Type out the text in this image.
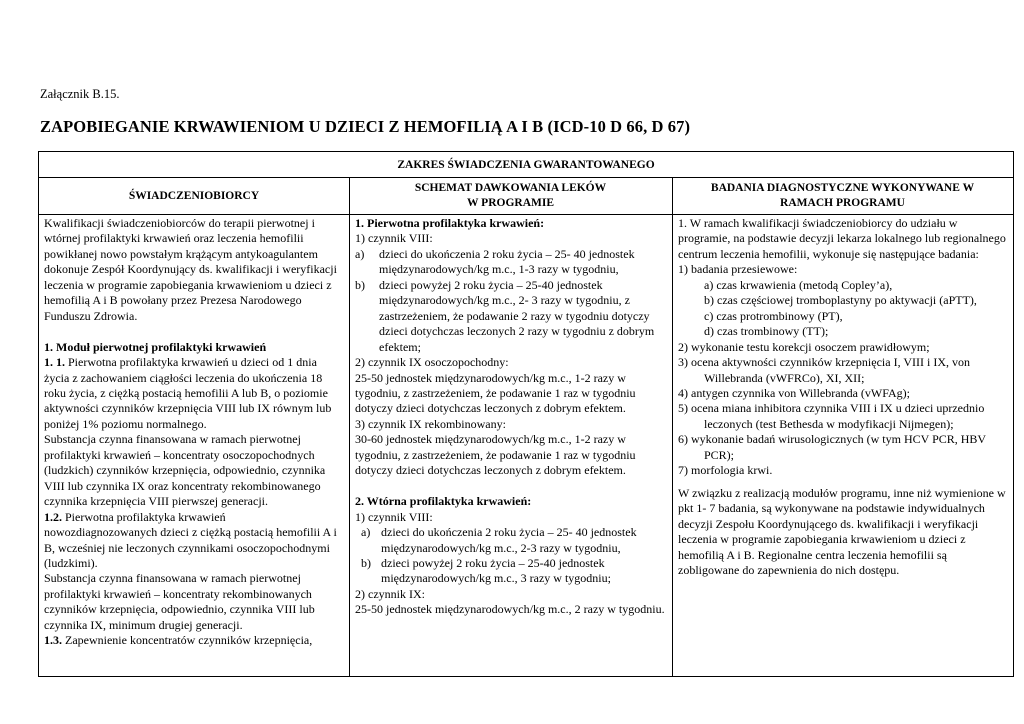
Załącznik B.15.
ZAPOBIEGANIE KRWAWIENIOM U DZIECI Z HEMOFILIĄ A I B (ICD-10 D 66, D 67)
ZAKRES ŚWIADCZENIA GWARANTOWANEGO
ŚWIADCZENIOBIORCY
SCHEMAT DAWKOWANIA LEKÓW
W PROGRAMIE
BADANIA DIAGNOSTYCZNE WYKONYWANE W
RAMACH PROGRAMU

Kwalifikacji świadczeniobiorców do terapii pierwotnej i wtórnej profilaktyki krwawień oraz leczenia hemofilii powikłanej nowo powstałym krążącym antykoagulantem dokonuje Zespół Koordynujący ds. kwalifikacji i weryfikacji leczenia w programie zapobiegania krwawieniom u dzieci z hemofilią A i B powołany przez Prezesa Narodowego Funduszu Zdrowia.

1. Moduł pierwotnej profilaktyki krwawień

1. 1. Pierwotna profilaktyka krwawień u dzieci od 1 dnia życia z zachowaniem ciągłości leczenia do ukończenia 18 roku życia, z ciężką postacią hemofilii A lub B, o poziomie aktywności czynników krzepnięcia VIII lub IX równym lub poniżej 1% poziomu normalnego.

Substancja czynna finansowana w ramach pierwotnej profilaktyki krwawień – koncentraty osoczopochodnych (ludzkich) czynników krzepnięcia, odpowiednio, czynnika VIII lub czynnika IX oraz koncentraty rekombinowanego czynnika krzepnięcia VIII pierwszej generacji.

1.2. Pierwotna profilaktyka krwawień nowozdiagnozowanych dzieci z ciężką postacią hemofilii A i B, wcześniej nie leczonych czynnikami osoczopochodnymi (ludzkimi).

Substancja czynna finansowana w ramach pierwotnej profilaktyki krwawień – koncentraty rekombinowanych czynników krzepnięcia, odpowiednio, czynnika VIII lub czynnika IX, minimum drugiej generacji.

1.3. Zapewnienie koncentratów czynników krzepnięcia,

1. Pierwotna profilaktyka krwawień:

1) czynnik VIII:

a) dzieci do ukończenia 2 roku życia – 25- 40 jednostek międzynarodowych/kg m.c., 1-3 razy w tygodniu,

b) dzieci powyżej 2 roku życia – 25-40 jednostek międzynarodowych/kg m.c., 2- 3 razy w tygodniu, z zastrzeżeniem, że podawanie 2 razy w tygodniu dotyczy dzieci dotychczas leczonych 2 razy w tygodniu z dobrym efektem;

2) czynnik IX osoczopochodny:

25-50 jednostek międzynarodowych/kg m.c., 1-2 razy w tygodniu, z zastrzeżeniem, że podawanie 1 raz w tygodniu dotyczy dzieci dotychczas leczonych z dobrym efektem.

3) czynnik IX rekombinowany:

30-60 jednostek międzynarodowych/kg m.c., 1-2 razy w tygodniu, z zastrzeżeniem, że podawanie 1 raz w tygodniu dotyczy dzieci dotychczas leczonych z dobrym efektem.

2. Wtórna profilaktyka krwawień:

1) czynnik VIII:

a) dzieci do ukończenia 2 roku życia – 25- 40 jednostek międzynarodowych/kg m.c., 2-3 razy w tygodniu,

b) dzieci powyżej 2 roku życia – 25-40 jednostek międzynarodowych/kg m.c., 3 razy w tygodniu;

2) czynnik IX:

25-50 jednostek międzynarodowych/kg m.c., 2 razy w tygodniu.

1. W ramach kwalifikacji świadczeniobiorcy do udziału w programie, na podstawie decyzji lekarza lokalnego lub regionalnego centrum leczenia hemofilii, wykonuje się następujące badania:

1) badania przesiewowe:

a) czas krwawienia (metodą Copley’a),

b) czas częściowej tromboplastyny po aktywacji (aPTT),

c) czas protrombinowy (PT),

d) czas trombinowy (TT);

2) wykonanie testu korekcji osoczem prawidłowym;

3) ocena aktywności czynników krzepnięcia I, VIII i IX, von Willebranda (vWFRCo), XI, XII;

4) antygen czynnika von Willebranda (vWFAg);

5) ocena miana inhibitora czynnika VIII i IX u dzieci uprzednio leczonych (test Bethesda w modyfikacji Nijmegen);

6) wykonanie badań wirusologicznych (w tym HCV PCR, HBV PCR);

7) morfologia krwi.

W związku z realizacją modułów programu, inne niż wymienione w pkt 1- 7 badania, są wykonywane na podstawie indywidualnych decyzji Zespołu Koordynującego ds. kwalifikacji i weryfikacji leczenia w programie zapobiegania krwawieniom u dzieci z hemofilią A i B. Regionalne centra leczenia hemofilii są zobligowane do zapewnienia do nich dostępu.
